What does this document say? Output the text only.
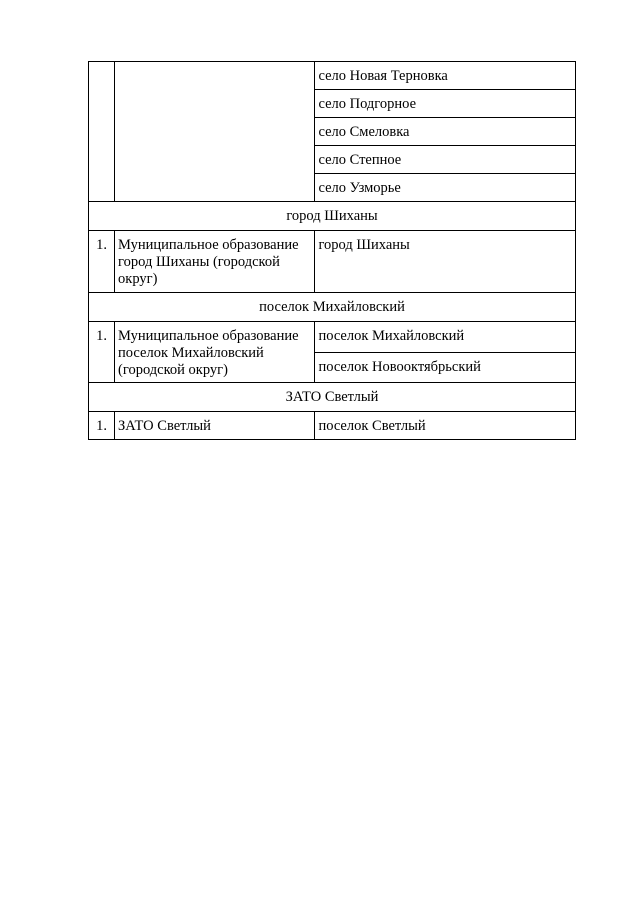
		село Новая Терновка
		село Подгорное
		село Смеловка
		село Степное
		село Узморье
город Шиханы		
1.	Муниципальное образование город Шиханы (городской округ)	город Шиханы
поселок Михайловский		
1.	Муниципальное образование поселок Михайловский (городской округ)	поселок Михайловский
		поселок Новооктябрьский
ЗАТО Светлый		
1.	ЗАТО Светлый	поселок Светлый
